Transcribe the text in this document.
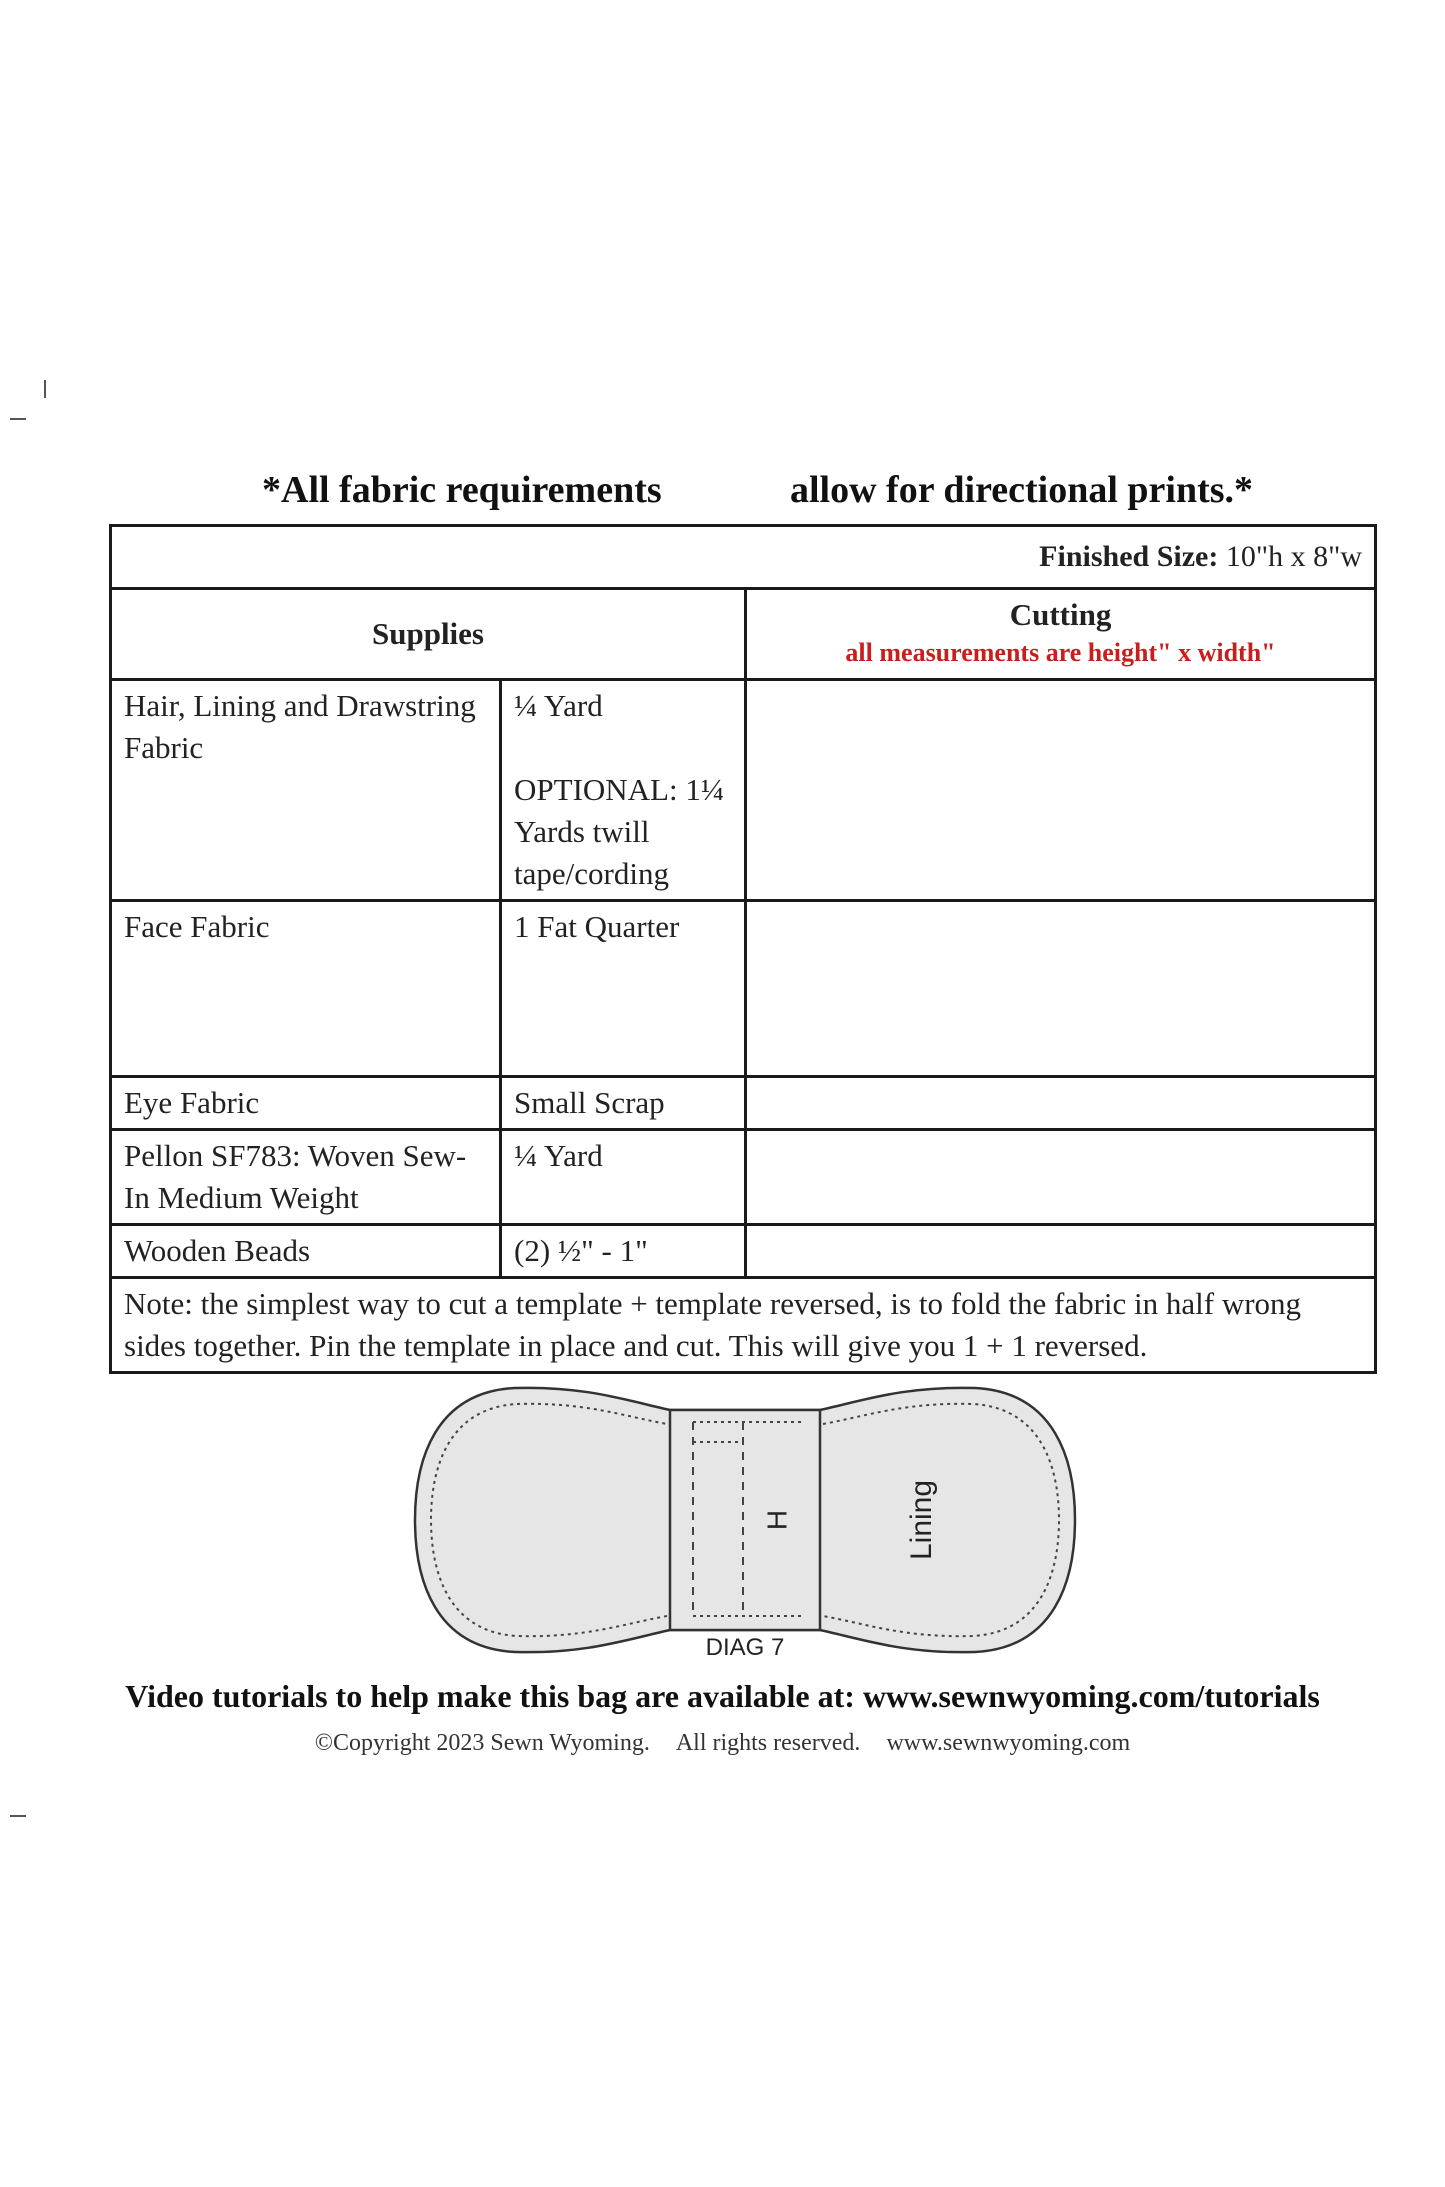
*All fabric requirements	allow for directional prints.*
Finished Size: 10"h x 8"w		
Supplies		Cutting
all measurements are height" x width"

Hair, Lining and Drawstring Fabric	¼ Yard
OPTIONAL: 1¼ Yards twill tape/cording	

Face Fabric	1 Fat Quarter	
Eye Fabric	Small Scrap	
Pellon SF783: Woven Sew-In Medium Weight	¼ Yard	
Wooden Beads	(2) ½" - 1"	
Note: the simplest way to cut a template + template reversed, is to fold the fabric in half wrong sides together. Pin the template in place and cut. This will give you 1 + 1 reversed.		
H	Lining
DIAG 7
Video tutorials to help make this bag are available at: www.sewnwyoming.com/tutorials
©Copyright 2023 Sewn Wyoming. All rights reserved. www.sewnwyoming.com
